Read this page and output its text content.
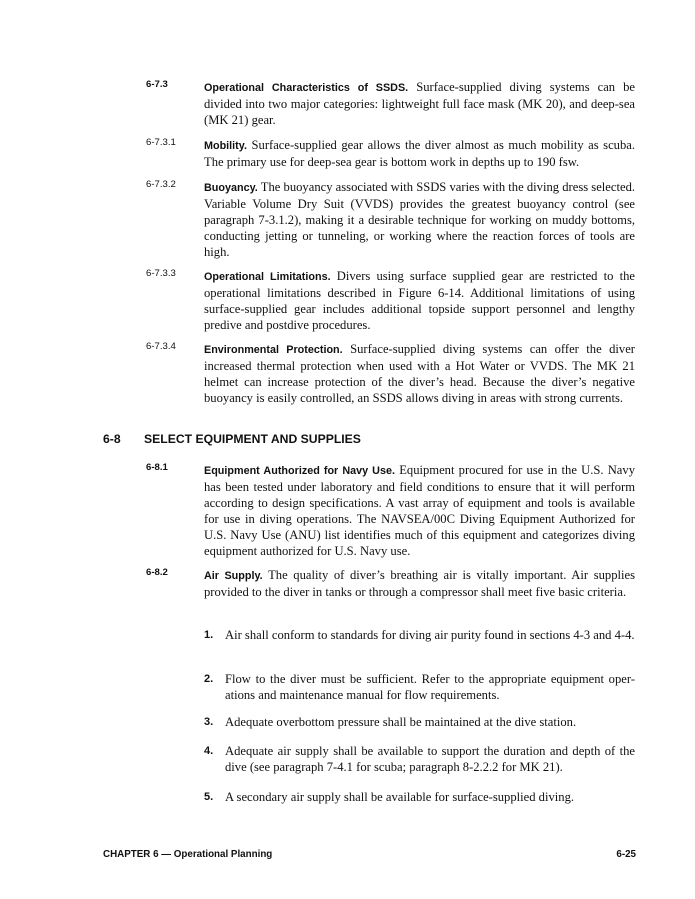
6-7.3	Operational Characteristics of SSDS. Surface-supplied diving systems can be divided into two major categories: lightweight full face mask (MK 20), and deep-sea (MK 21) gear.
6-7.3.1	Mobility. Surface-supplied gear allows the diver almost as much mobility as scuba. The primary use for deep-sea gear is bottom work in depths up to 190 fsw.
6-7.3.2	Buoyancy. The buoyancy associated with SSDS varies with the diving dress selected. Variable Volume Dry Suit (VVDS) provides the greatest buoyancy control (see paragraph 7-3.1.2), making it a desirable technique for working on muddy bottoms, conducting jetting or tunneling, or working where the reaction forces of tools are high.
6-7.3.3	Operational Limitations. Divers using surface supplied gear are restricted to the operational limitations described in Figure 6-14. Additional limitations of using surface-supplied gear includes additional topside support personnel and lengthy predive and postdive procedures.
6-7.3.4	Environmental Protection. Surface-supplied diving systems can offer the diver increased thermal protection when used with a Hot Water or VVDS. The MK 21 helmet can increase protection of the diver’s head. Because the diver’s negative buoyancy is easily controlled, an SSDS allows diving in areas with strong currents.
6-8 SELECT EQUIPMENT AND SUPPLIES
6-8.1	Equipment Authorized for Navy Use. Equipment procured for use in the U.S. Navy has been tested under laboratory and field conditions to ensure that it will perform according to design specifications. A vast array of equipment and tools is available for use in diving operations. The NAVSEA/00C Diving Equipment Authorized for U.S. Navy Use (ANU) list identifies much of this equipment and categorizes diving equipment authorized for U.S. Navy use.
6-8.2	Air Supply. The quality of diver’s breathing air is vitally important. Air supplies provided to the diver in tanks or through a compressor shall meet five basic criteria.
1. Air shall conform to standards for diving air purity found in sections 4-3 and 4-4.
2. Flow to the diver must be sufficient. Refer to the appropriate equipment oper-ations and maintenance manual for flow requirements.
3. Adequate overbottom pressure shall be maintained at the dive station.
4. Adequate air supply shall be available to support the duration and depth of the dive (see paragraph 7-4.1 for scuba; paragraph 8-2.2.2 for MK 21).
5. A secondary air supply shall be available for surface-supplied diving.
CHAPTER 6 — Operational Planning	6-25
